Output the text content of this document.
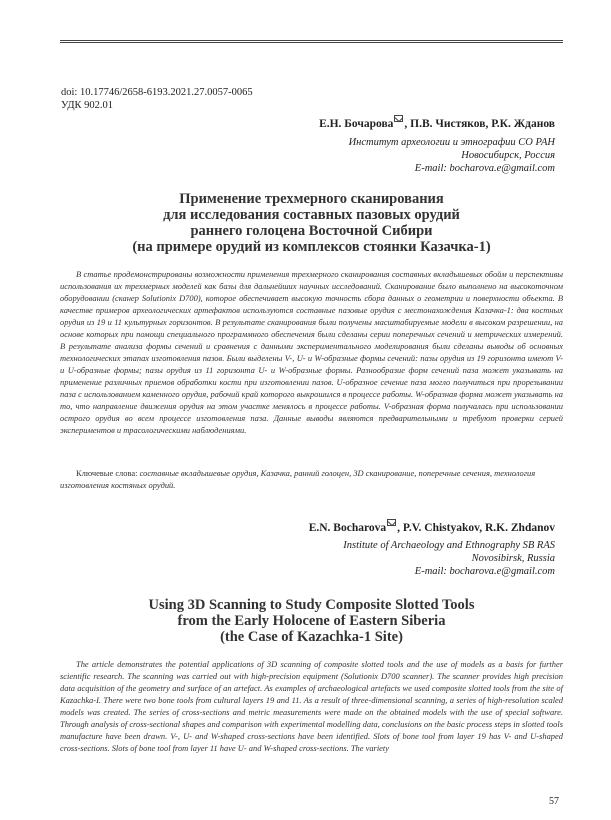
doi: 10.17746/2658-6193.2021.27.0057-0065
УДК 902.01
Е.Н. Бочарова , П.В. Чистяков, Р.К. Жданов
Институт археологии и этнографии СО РАН
Новосибирск, Россия
E-mail: bocharova.e@gmail.com
Применение трехмерного сканирования
для исследования составных пазовых орудий
раннего голоцена Восточной Сибири
(на примере орудий из комплексов стоянки Казачка-1)
В статье продемонстрированы возможности применения трехмерного сканирования составных вкладышевых обойм и перспективы использования их трехмерных моделей как базы для дальнейших научных исследований. Сканирование было выполнено на высокоточном оборудовании (сканер Solutionix D700), которое обеспечивает высокую точность сбора данных о геометрии и поверхности объекта. В качестве примеров археологических артефактов используются составные пазовые орудия с местонахождения Казачка-1: два костных орудия из 19 и 11 культурных горизонтов. В результате сканирования были получены масштабируемые модели в высоком разрешении, на основе которых при помощи специального программного обеспечения были сделаны серии поперечных сечений и метрических измерений. В результате анализа формы сечений и сравнения с данными экспериментального моделирования были сделаны выводы об основных технологических этапах изготовления пазов. Были выделены V-, U- и W-образные формы сечений: пазы орудия из 19 горизонта имеют V- и U-образные формы; пазы орудия из 11 горизонта U- и W-образные формы. Разнообразие форм сечений паза может указывать на применение различных приемов обработки кости при изготовлении пазов. U-образное сечение паза могло получиться при прорезывании паза с использованием каменного орудия, рабочий край которого выкрошился в процессе работы. W-образная форма может указывать на то, что направление движения орудия на этом участке менялось в процессе работы. V-образная форма получалась при использовании острого орудия во всем процессе изготовления паза. Данные выводы являются предварительными и требуют проверки серией экспериментов и трасологическими наблюдениями.
Ключевые слова: составные вкладышевые орудия, Казачка, ранний голоцен, 3D сканирование, поперечные сечения, технология изготовления костяных орудий.
E.N. Bocharova , P.V. Chistyakov, R.K. Zhdanov
Institute of Archaeology and Ethnography SB RAS
Novosibirsk, Russia
E-mail: bocharova.e@gmail.com
Using 3D Scanning to Study Composite Slotted Tools
from the Early Holocene of Eastern Siberia
(the Case of Kazachka-1 Site)
The article demonstrates the potential applications of 3D scanning of composite slotted tools and the use of models as a basis for further scientific research. The scanning was carried out with high-precision equipment (Solutionix D700 scanner). The scanner provides high precision data acquisition of the geometry and surface of an artefact. As examples of archaeological artefacts we used composite slotted tools from the site of Kazachka-I. There were two bone tools from cultural layers 19 and 11. As a result of three-dimensional scanning, a series of high-resolution scaled models was created. The series of cross-sections and metric measurements were made on the obtained models with the use of special software. Through analysis of cross-sectional shapes and comparison with experimental modelling data, conclusions on the basic process steps in slotted tools manufacture have been drawn. V-, U- and W-shaped cross-sections have been identified. Slots of bone tool from layer 19 has V- and U-shaped cross-sections. Slots of bone tool from layer 11 have U- and W-shaped cross-sections. The variety
57
